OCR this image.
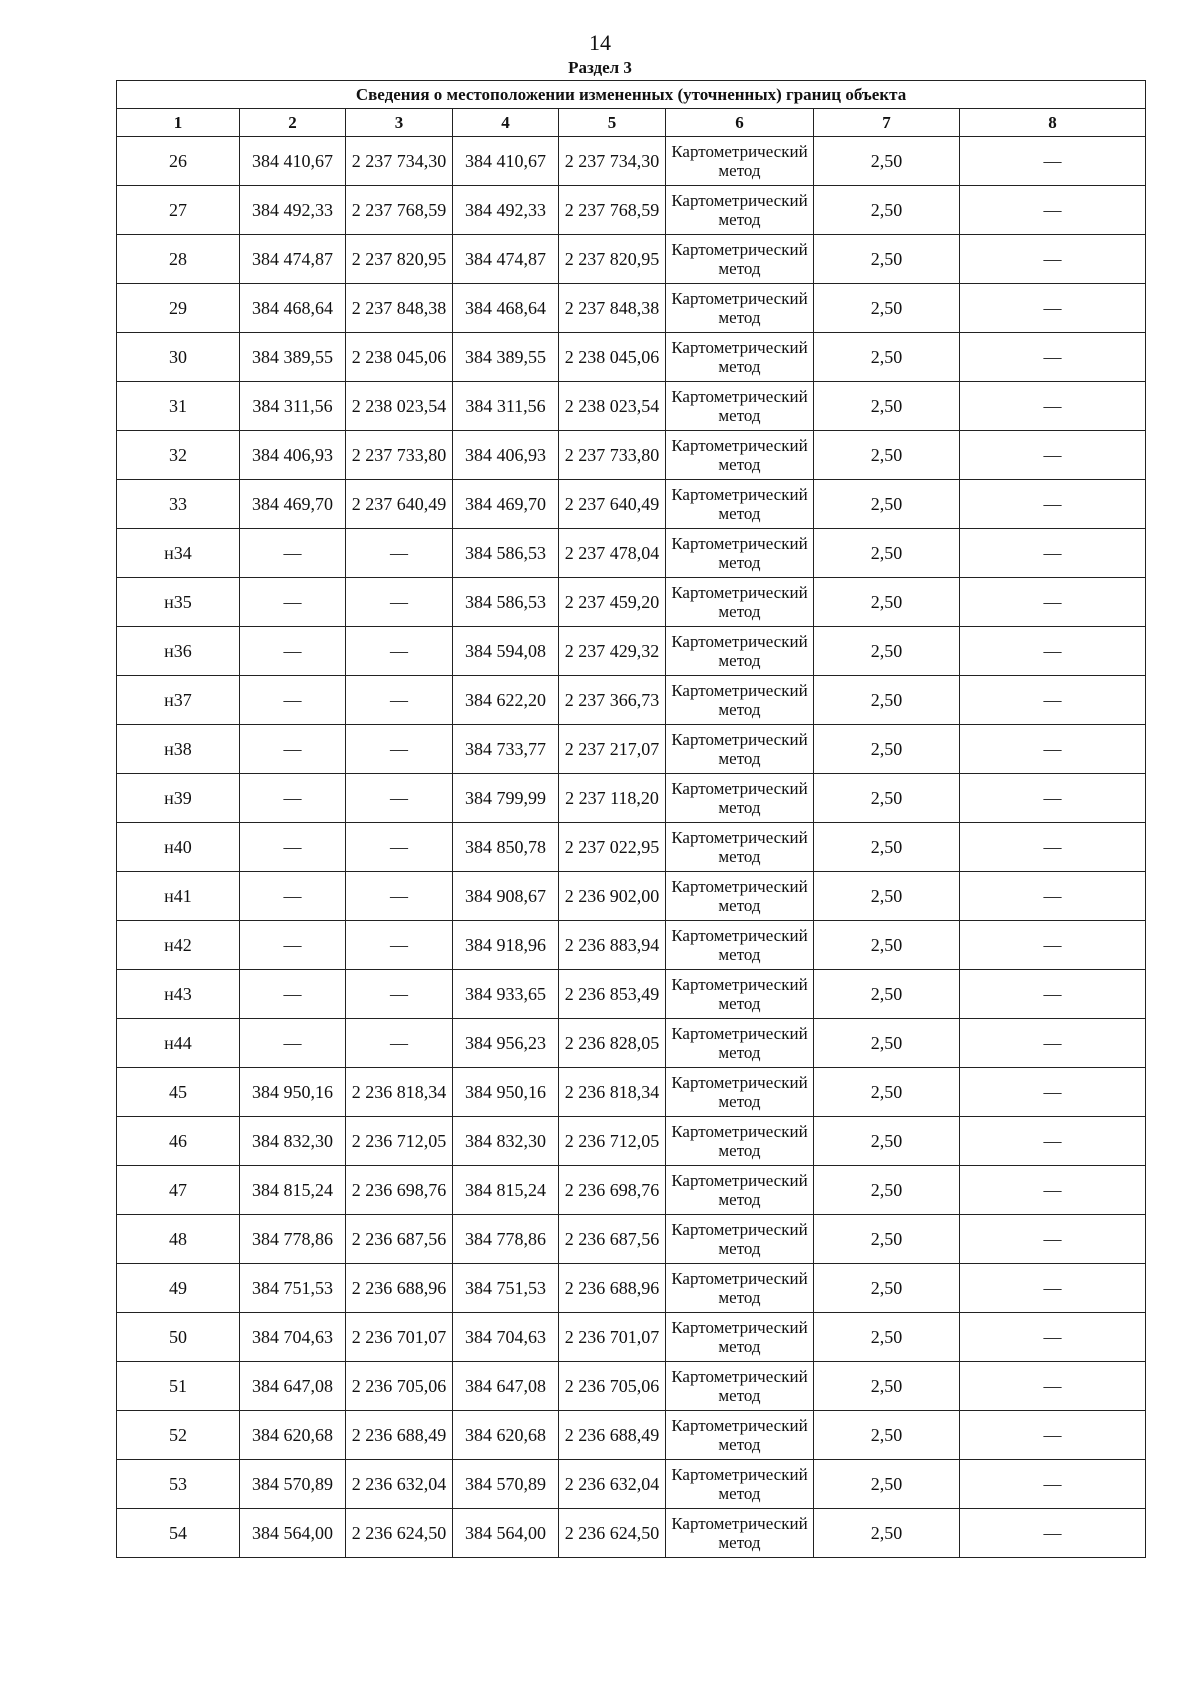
14
Раздел 3
Сведения о местоположении измененных (уточненных) границ объекта							
1	2	3	4	5	6	7	8
26	384 410,67	2 237 734,30	384 410,67	2 237 734,30	Картометрический метод	2,50	—
27	384 492,33	2 237 768,59	384 492,33	2 237 768,59	Картометрический метод	2,50	—
28	384 474,87	2 237 820,95	384 474,87	2 237 820,95	Картометрический метод	2,50	—
29	384 468,64	2 237 848,38	384 468,64	2 237 848,38	Картометрический метод	2,50	—
30	384 389,55	2 238 045,06	384 389,55	2 238 045,06	Картометрический метод	2,50	—
31	384 311,56	2 238 023,54	384 311,56	2 238 023,54	Картометрический метод	2,50	—
32	384 406,93	2 237 733,80	384 406,93	2 237 733,80	Картометрический метод	2,50	—
33	384 469,70	2 237 640,49	384 469,70	2 237 640,49	Картометрический метод	2,50	—
н34	—	—	384 586,53	2 237 478,04	Картометрический метод	2,50	—
н35	—	—	384 586,53	2 237 459,20	Картометрический метод	2,50	—
н36	—	—	384 594,08	2 237 429,32	Картометрический метод	2,50	—
н37	—	—	384 622,20	2 237 366,73	Картометрический метод	2,50	—
н38	—	—	384 733,77	2 237 217,07	Картометрический метод	2,50	—
н39	—	—	384 799,99	2 237 118,20	Картометрический метод	2,50	—
н40	—	—	384 850,78	2 237 022,95	Картометрический метод	2,50	—
н41	—	—	384 908,67	2 236 902,00	Картометрический метод	2,50	—
н42	—	—	384 918,96	2 236 883,94	Картометрический метод	2,50	—
н43	—	—	384 933,65	2 236 853,49	Картометрический метод	2,50	—
н44	—	—	384 956,23	2 236 828,05	Картометрический метод	2,50	—
45	384 950,16	2 236 818,34	384 950,16	2 236 818,34	Картометрический метод	2,50	—
46	384 832,30	2 236 712,05	384 832,30	2 236 712,05	Картометрический метод	2,50	—
47	384 815,24	2 236 698,76	384 815,24	2 236 698,76	Картометрический метод	2,50	—
48	384 778,86	2 236 687,56	384 778,86	2 236 687,56	Картометрический метод	2,50	—
49	384 751,53	2 236 688,96	384 751,53	2 236 688,96	Картометрический метод	2,50	—
50	384 704,63	2 236 701,07	384 704,63	2 236 701,07	Картометрический метод	2,50	—
51	384 647,08	2 236 705,06	384 647,08	2 236 705,06	Картометрический метод	2,50	—
52	384 620,68	2 236 688,49	384 620,68	2 236 688,49	Картометрический метод	2,50	—
53	384 570,89	2 236 632,04	384 570,89	2 236 632,04	Картометрический метод	2,50	—
54	384 564,00	2 236 624,50	384 564,00	2 236 624,50	Картометрический метод	2,50	—
